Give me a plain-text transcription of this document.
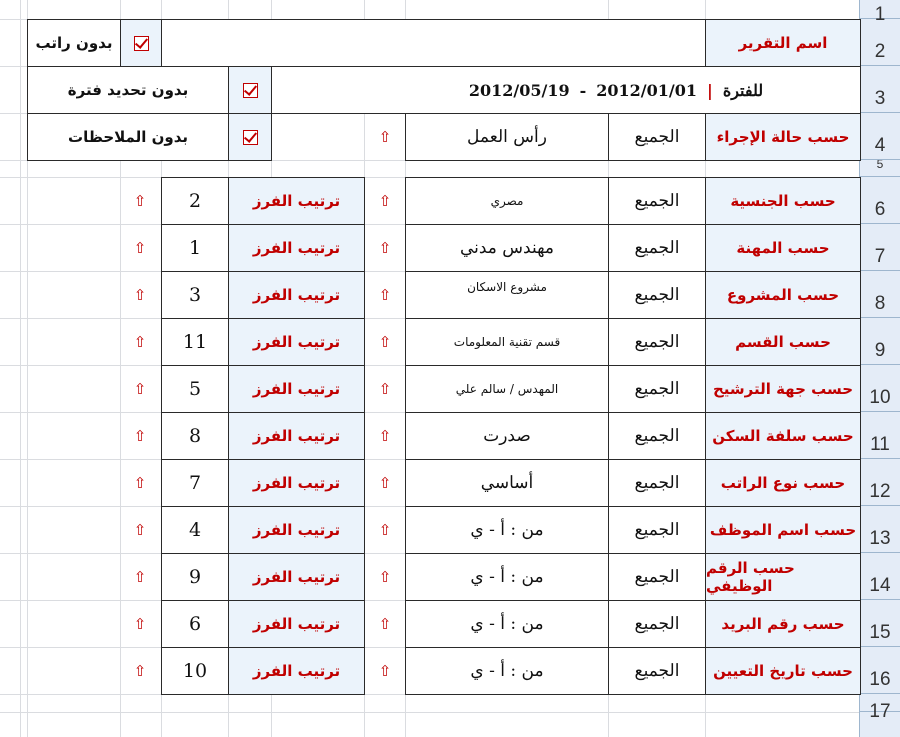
1
2
3
4
5
6
7
8
9
10
11
12
13
14
15
16
17
اسم التقرير
بدون راتب
2012/05/19 - 2012/01/01 | للفترة
بدون تحديد فترة
حسب حالة الإجراء
الجميع
رأس العمل
⇧
بدون الملاحظات
حسب الجنسية
الجميع
مصري
⇧
ترتيب الفرز
2
⇧
حسب المهنة
الجميع
مهندس مدني
⇧
ترتيب الفرز
1
⇧
حسب المشروع
الجميع
مشروع الاسكان
⇧
ترتيب الفرز
3
⇧
حسب القسم
الجميع
قسم تقنية المعلومات
⇧
ترتيب الفرز
11
⇧
حسب جهة الترشيح
الجميع
المهدس / سالم علي
⇧
ترتيب الفرز
5
⇧
حسب سلفة السكن
الجميع
صدرت
⇧
ترتيب الفرز
8
⇧
حسب نوع الراتب
الجميع
أساسي
⇧
ترتيب الفرز
7
⇧
حسب اسم الموظف
الجميع
من : أ - ي
⇧
ترتيب الفرز
4
⇧
حسب الرقم الوظيفي
الجميع
من : أ - ي
⇧
ترتيب الفرز
9
⇧
حسب رقم البريد
الجميع
من : أ - ي
⇧
ترتيب الفرز
6
⇧
حسب تاريخ التعيين
الجميع
من : أ - ي
⇧
ترتيب الفرز
10
⇧
